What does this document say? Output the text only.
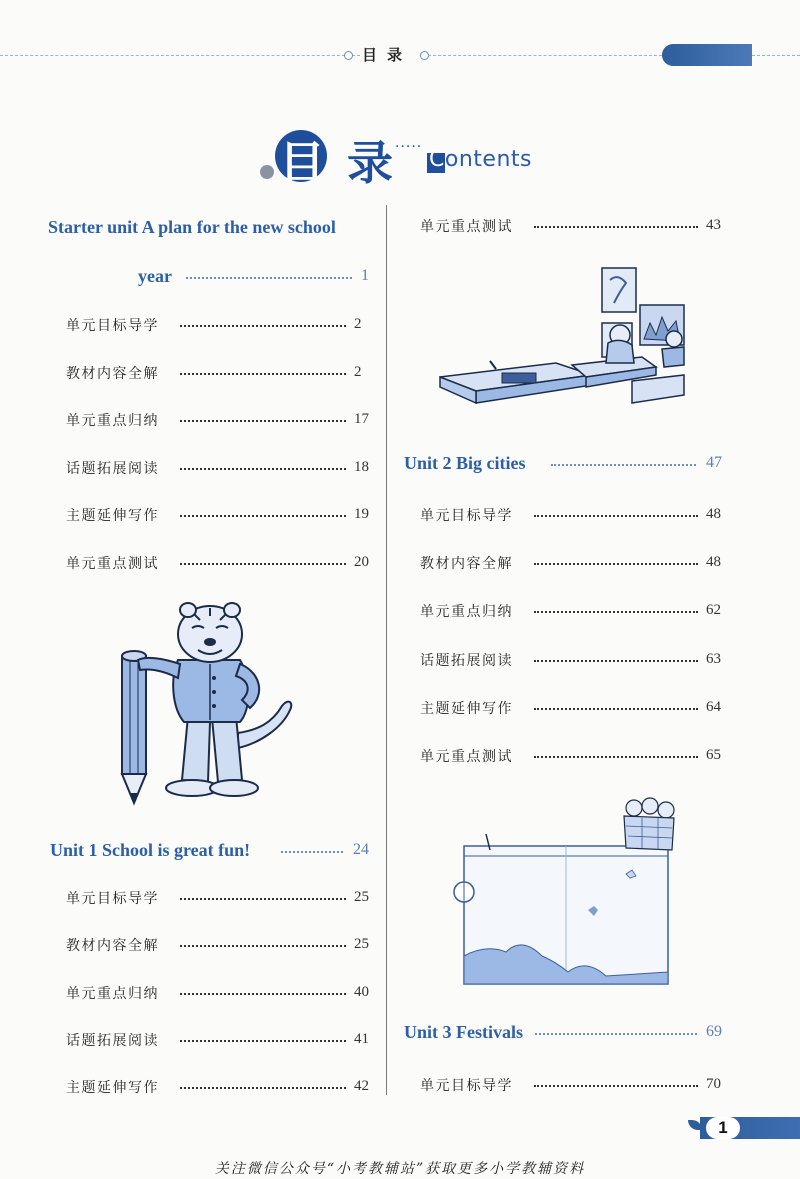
目录
目 录 ····· Contents
Starter unit A plan for the new school
year	1
单元目标导学	2
教材内容全解	2
单元重点归纳	17
话题拓展阅读	18
主题延伸写作	19
单元重点测试	20
Unit 1 School is great fun!	24
单元目标导学	25
教材内容全解	25
单元重点归纳	40
话题拓展阅读	41
主题延伸写作	42
单元重点测试	43
Unit 2 Big cities	47
单元目标导学	48
教材内容全解	48
单元重点归纳	62
话题拓展阅读	63
主题延伸写作	64
单元重点测试	65
Unit 3 Festivals	69
单元目标导学	70
1
关注微信公众号“小考教辅站”获取更多小学教辅资料
